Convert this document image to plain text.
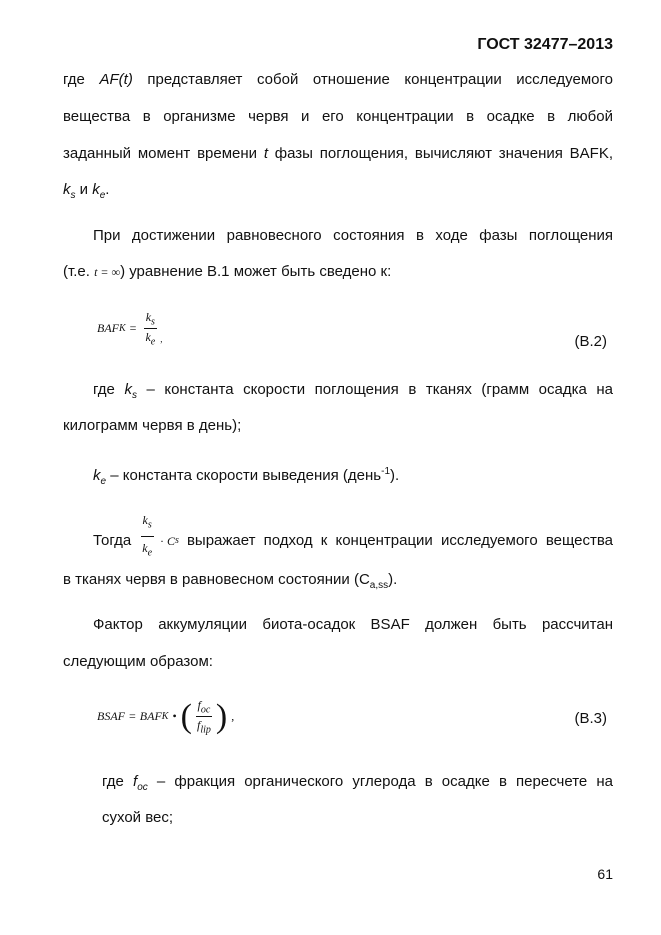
ГОСТ 32477–2013
где AF(t) представляет собой отношение концентрации исследуемого
вещества в организме червя и его концентрации в осадке в любой
заданный момент времени t фазы поглощения, вычисляют значения BAFK,
$k_s$ и $k_e$.
При достижении равновесного состояния в ходе фазы поглощения
(т.е. t = ∞) уравнение В.1 может быть сведено к:
BAF $K = \frac{k_s}{k_e}$ ,	(В.2)
где $k_s$ – константа скорости поглощения в тканях (грамм осадка на
килограмм червя в день);
$k_e$ – константа скорости выведения (день$^{-1}$).
Тогда $\frac{k_s}{k_e} \cdot C$ s выражает подход к концентрации исследуемого вещества
в тканях червя в равновесном состоянии $(C_{a,ss})$.
Фактор аккумуляции биота-осадок BSAF должен быть рассчитан
следующим образом:
BSAF = BAF K • ( $\frac{f_{oc}}{f_{lip}}$ ) ,	(В.3)
где $f_{oc}$ – фракция органического углерода в осадке в пересчете на
сухой вес;
61
